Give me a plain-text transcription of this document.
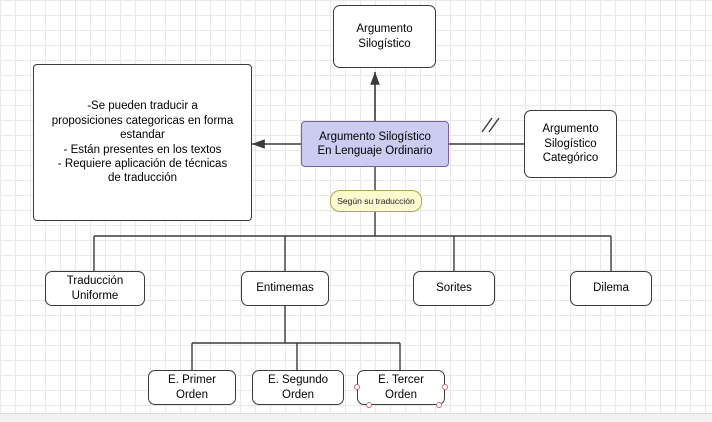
Argumento
Silogístico
Argumento Silogístico
En Lenguaje Ordinario
Argumento
Silogístico
Categórico
-Se pueden traducir a
proposiciones categoricas en forma
estandar
- Están presentes en los textos
- Requiere aplicación de técnicas
de traducción
Según su traducción
Traducción
Uniforme
Entimemas	Sorites	Dilema
E. Primer
Orden
E. Segundo
Orden
E. Tercer
Orden
